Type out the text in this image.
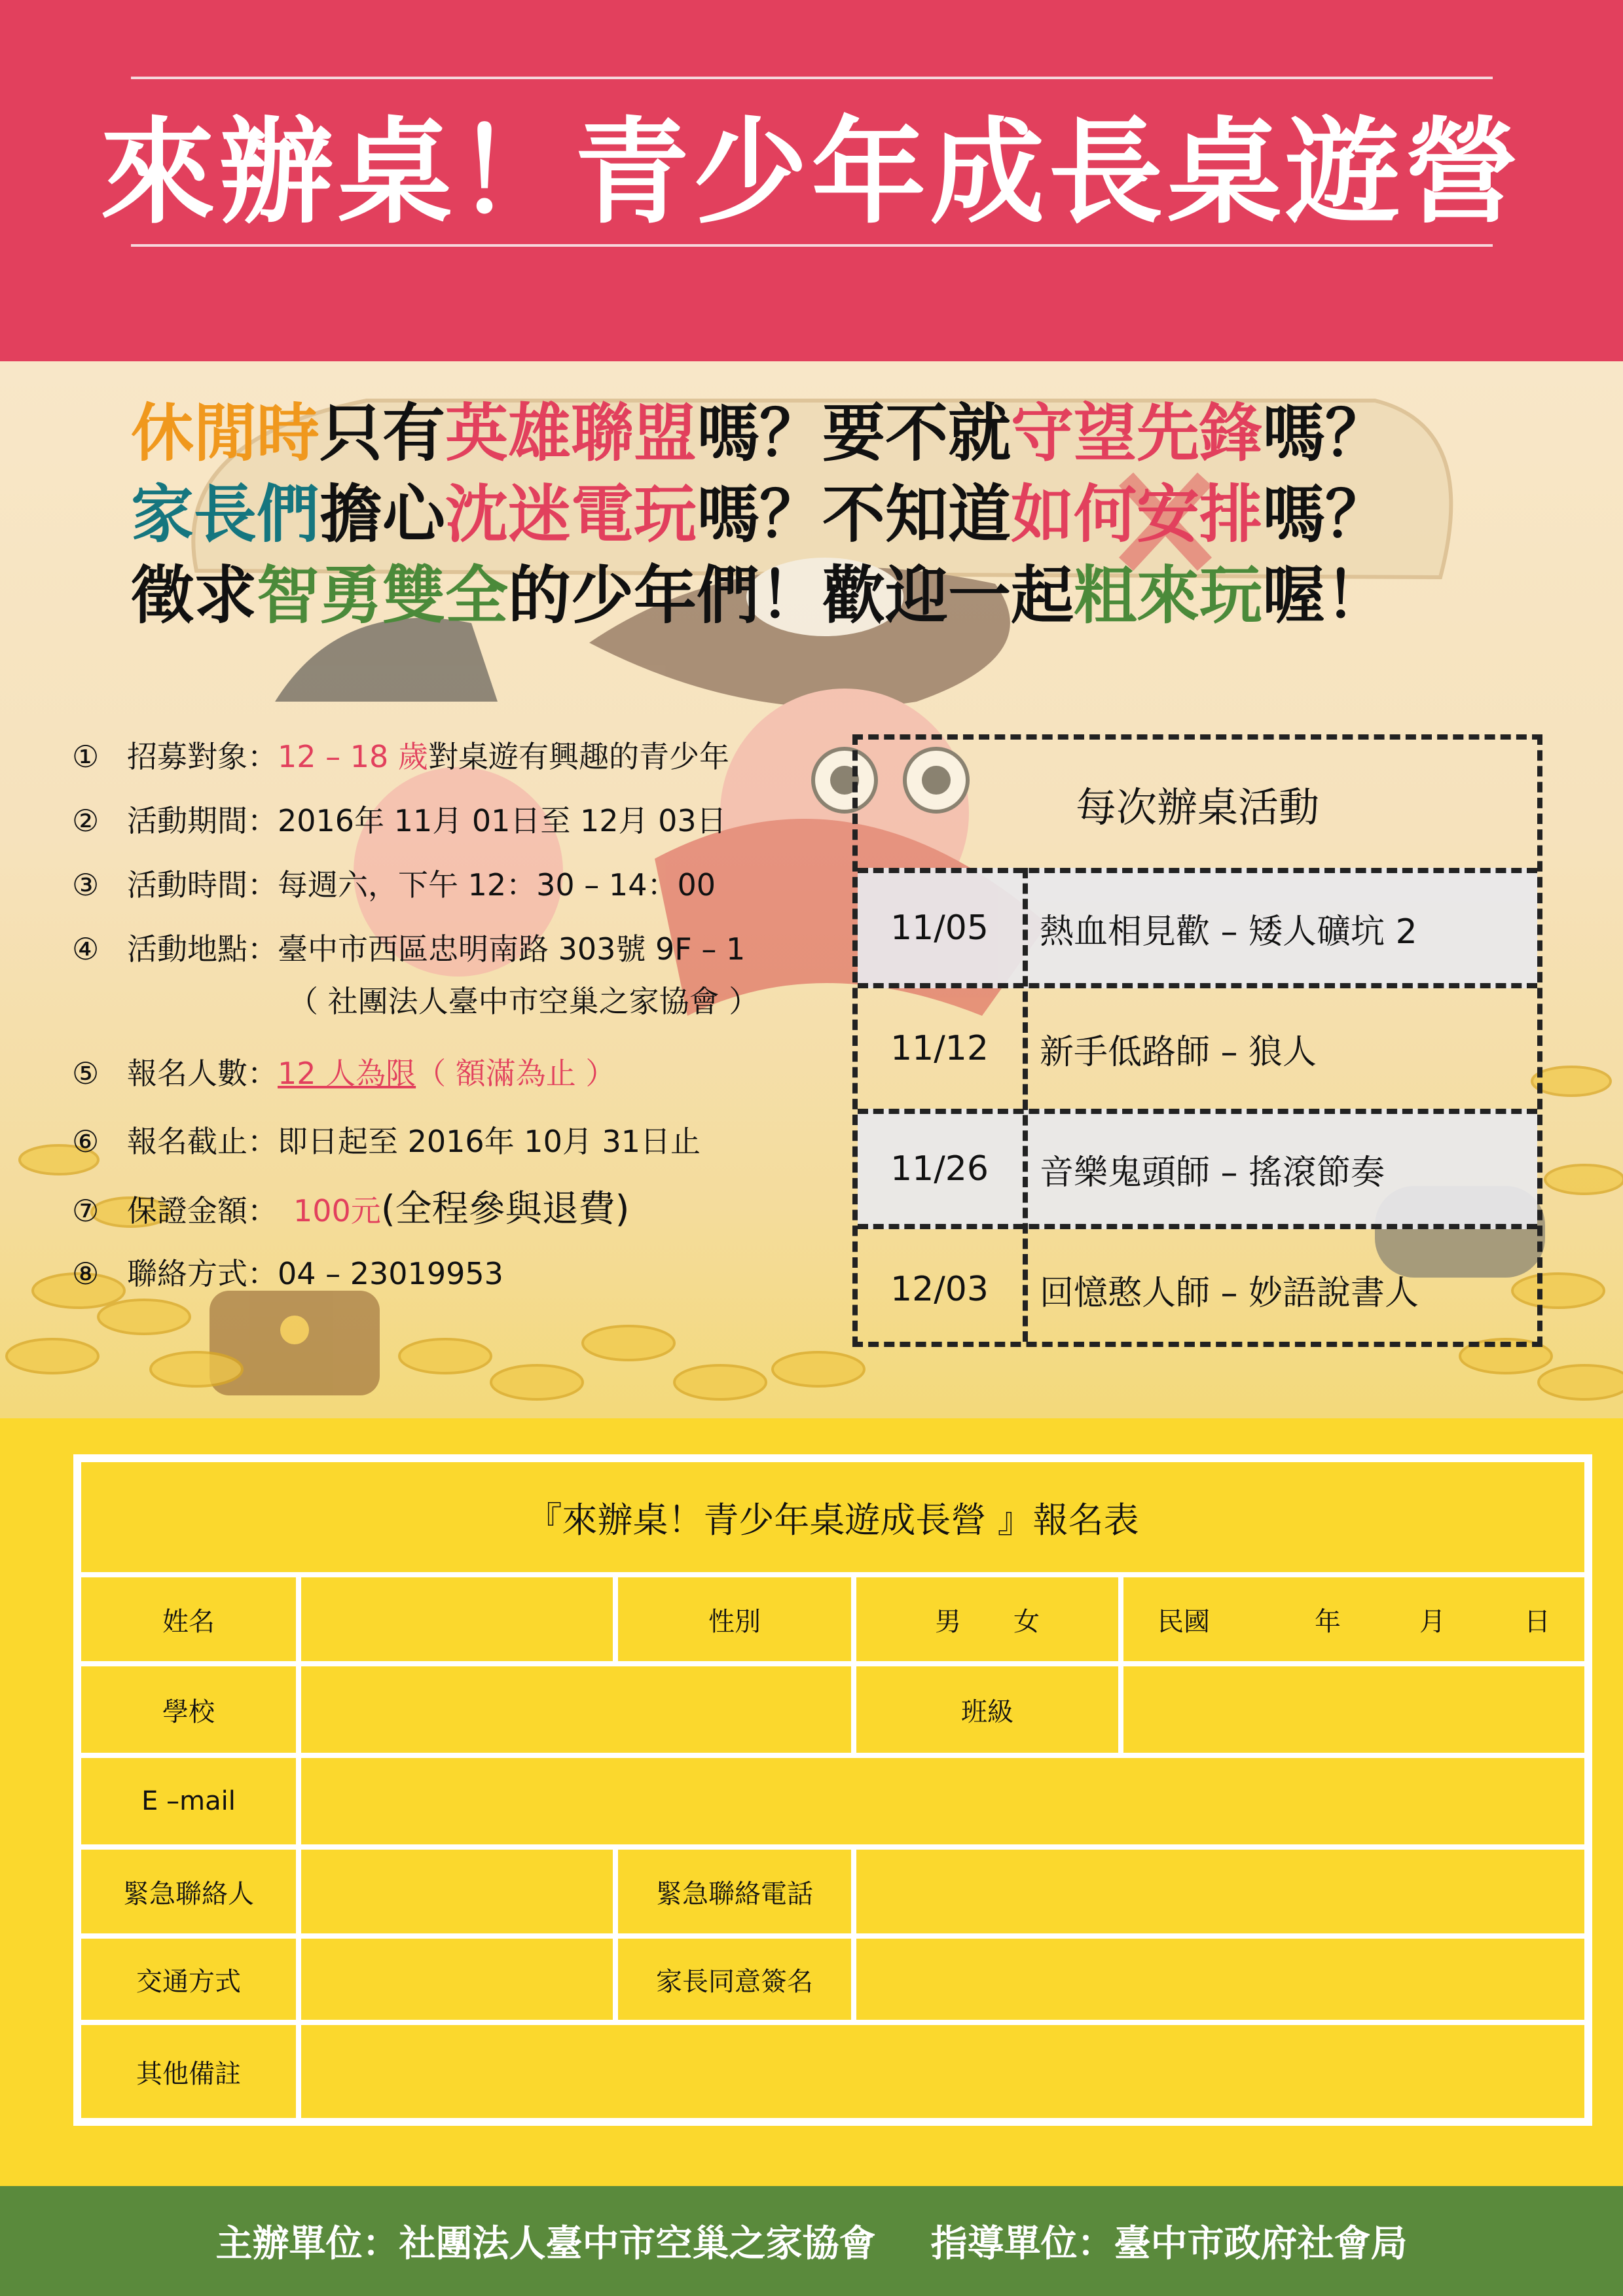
來辦桌！青少年成長桌遊營
休閒時只有英雄聯盟嗎？要不就守望先鋒嗎？
家長們擔心沈迷電玩嗎？不知道如何安排嗎？
徵求智勇雙全的少年們！歡迎一起粗來玩喔！
① 招募對象：12 – 18 歲對桌遊有興趣的青少年
② 活動期間：2016年 11月 01日至 12月 03日
③ 活動時間：每週六，下午 12：30 – 14：00
④ 活動地點：臺中市西區忠明南路 303號 9F – 1
（ 社團法人臺中市空巢之家協會 ）
⑤ 報名人數：12 人為限（ 額滿為止 ）
⑥ 報名截止：即日起至 2016年 10月 31日止
⑦ 保證金額： 100元(全程參與退費)
⑧ 聯絡方式：04 – 23019953
每次辦桌活動
11/05	熱血相見歡 – 矮人礦坑 2
11/12	新手低路師 – 狼人
11/26	音樂鬼頭師 – 搖滾節奏
12/03	回憶憨人師 – 妙語說書人
『來辦桌！青少年桌遊成長營 』報名表
姓名	性別	男　　女	民國　　　　年　　　月　　　日
學校	班級
E –mail
緊急聯絡人	緊急聯絡電話
交通方式	家長同意簽名
其他備註
主辦單位：社團法人臺中市空巢之家協會 指導單位：臺中市政府社會局
